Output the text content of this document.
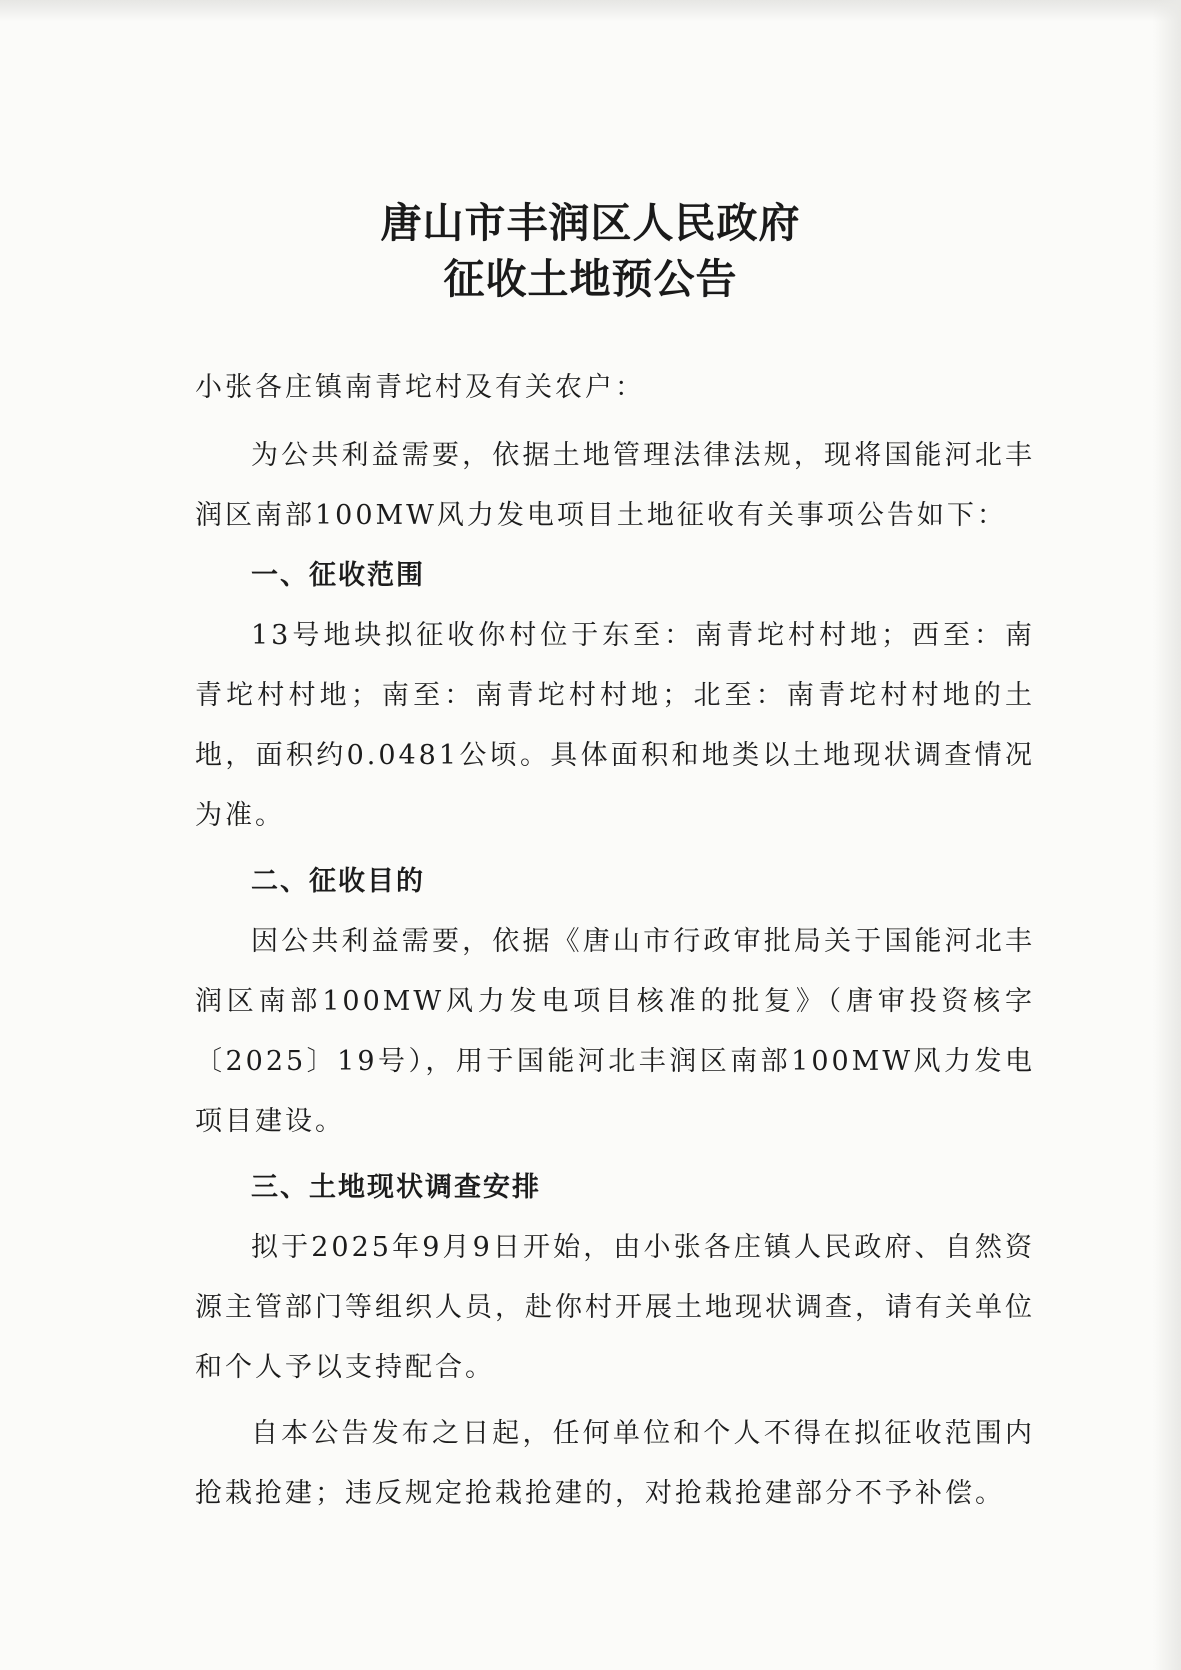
唐山市丰润区人民政府
征收土地预公告

小张各庄镇南青坨村及有关农户：

为公共利益需要，依据土地管理法律法规，现将国能河北丰润区南部100MW风力发电项目土地征收有关事项公告如下：

一、征收范围

13号地块拟征收你村位于东至：南青坨村村地；西至：南青坨村村地；南至：南青坨村村地；北至：南青坨村村地的土地，面积约0.0481公顷。具体面积和地类以土地现状调查情况为准。

二、征收目的

因公共利益需要，依据《唐山市行政审批局关于国能河北丰润区南部100MW风力发电项目核准的批复》（唐审投资核字〔2025〕19号），用于国能河北丰润区南部100MW风力发电项目建设。

三、土地现状调查安排

拟于2025年9月9日开始，由小张各庄镇人民政府、自然资源主管部门等组织人员，赴你村开展土地现状调查，请有关单位和个人予以支持配合。

自本公告发布之日起，任何单位和个人不得在拟征收范围内抢栽抢建；违反规定抢栽抢建的，对抢栽抢建部分不予补偿。
